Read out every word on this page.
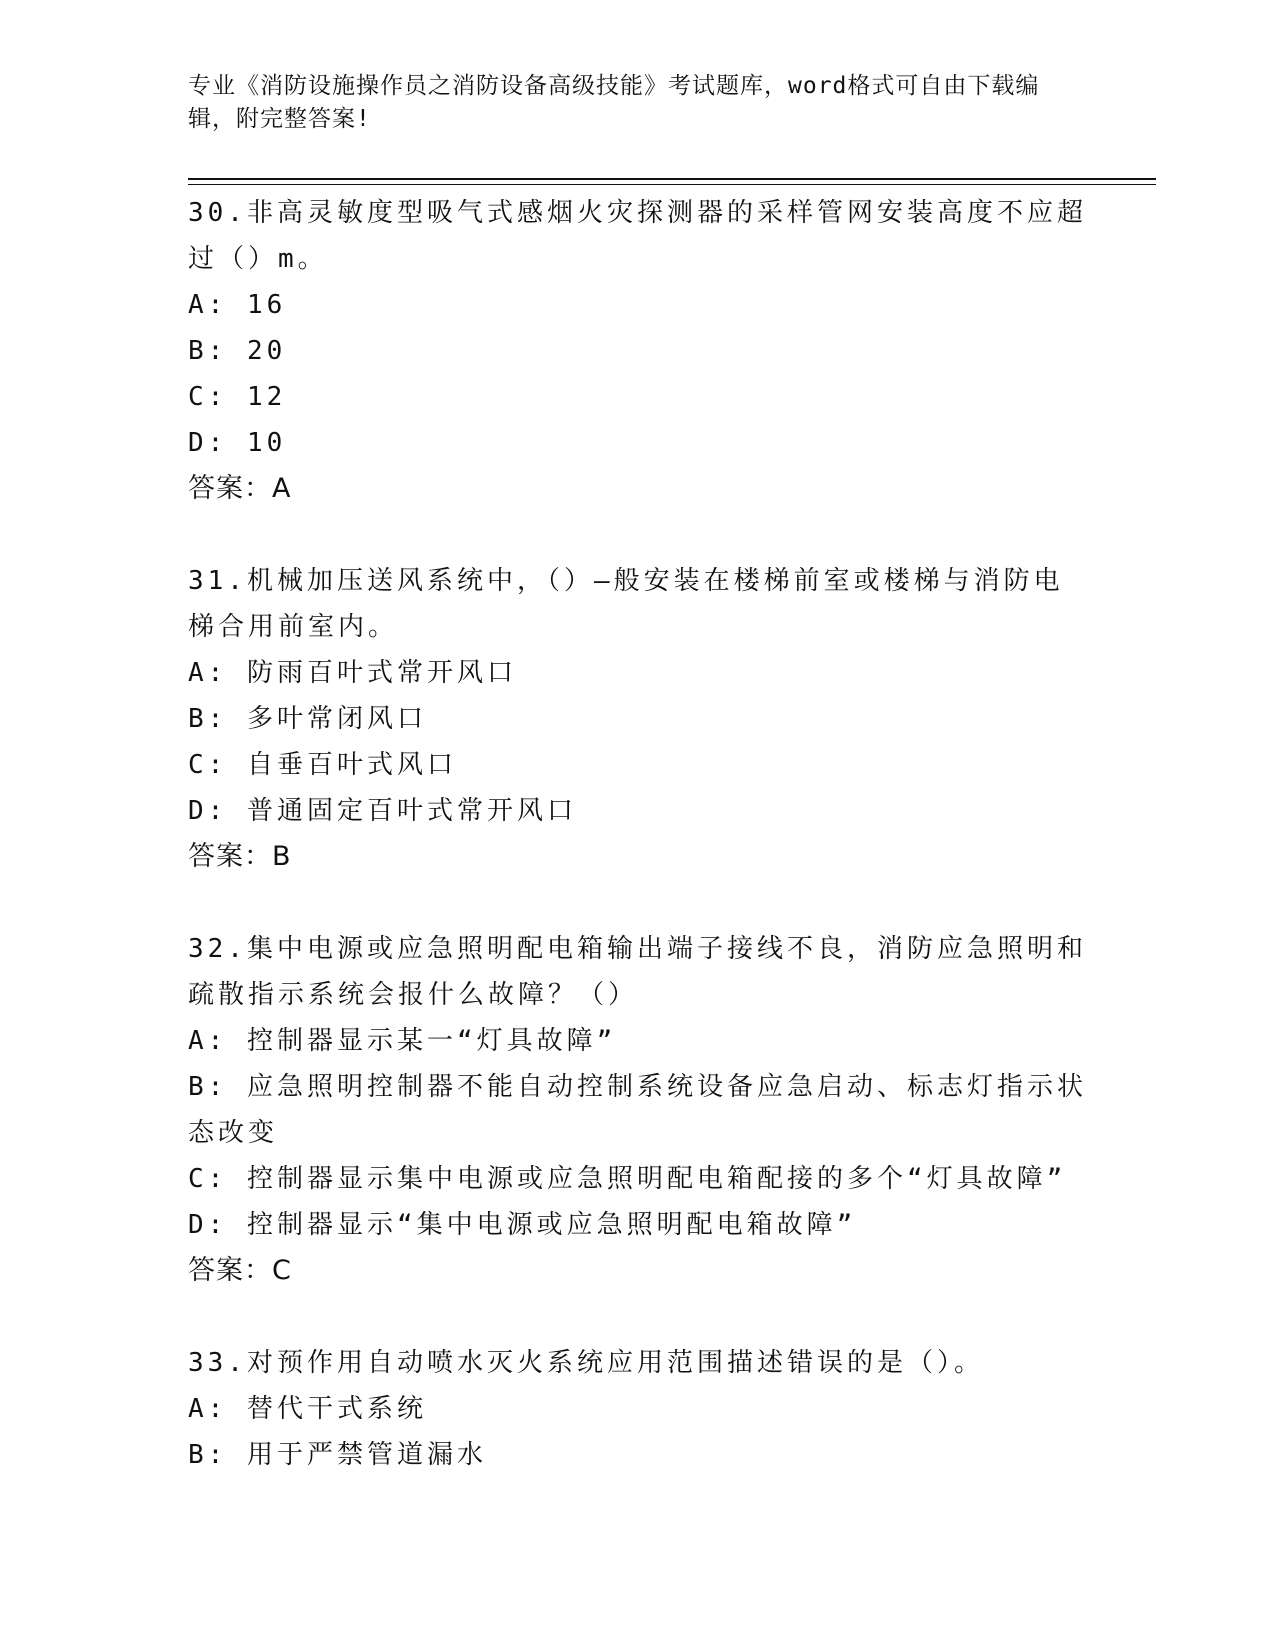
专业《消防设施操作员之消防设备高级技能》考试题库，word格式可自由下载编辑，附完整答案!

30.非高灵敏度型吸气式感烟火灾探测器的采样管网安装高度不应超过（）m。

A: 16

B: 20

C: 12

D: 10

答案：A

31.机械加压送风系统中，（）—般安装在楼梯前室或楼梯与消防电梯合用前室内。

A: 防雨百叶式常开风口

B: 多叶常闭风口

C: 自垂百叶式风口

D: 普通固定百叶式常开风口

答案：B

32.集中电源或应急照明配电箱输出端子接线不良，消防应急照明和疏散指示系统会报什么故障？（）

A: 控制器显示某一“灯具故障”

B: 应急照明控制器不能自动控制系统设备应急启动、标志灯指示状态改变

C: 控制器显示集中电源或应急照明配电箱配接的多个“灯具故障”

D: 控制器显示“集中电源或应急照明配电箱故障”

答案：C

33.对预作用自动喷水灭火系统应用范围描述错误的是（）。

A: 替代干式系统

B: 用于严禁管道漏水
